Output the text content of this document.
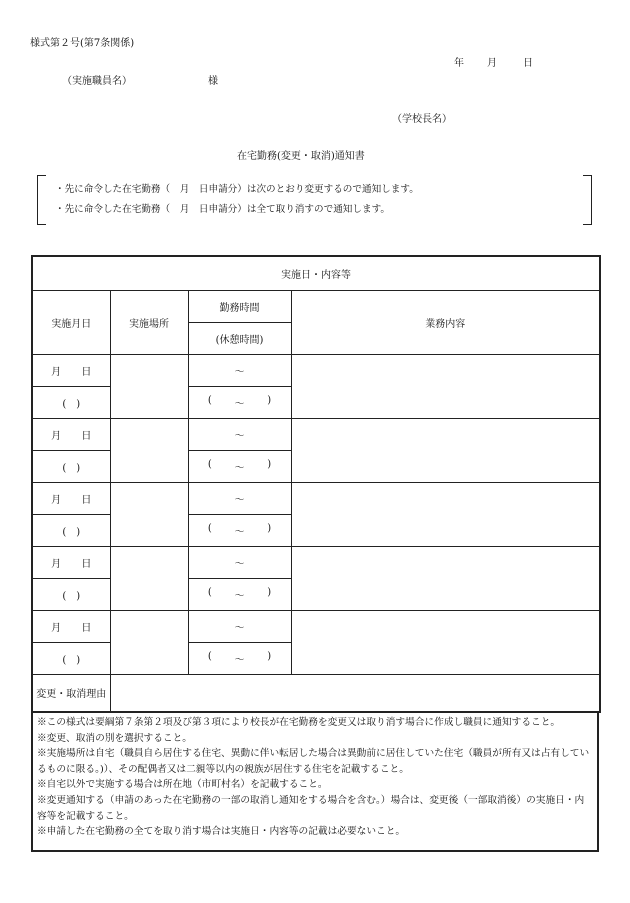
様式第２号(第7条関係)
年 月	日
（実施職員名）	様
（学校長名）
在宅勤務(変更・取消)通知書
・先に命令した在宅勤務（　月　日申請分）は次のとおり変更するので通知します。
・先に命令した在宅勤務（　月　日申請分）は全て取り消すので通知します。
実施日・内容等			
実施月日	実施場所	勤務時間	業務内容
		(休憩時間)	

月 日		～	
(　)		( ～ )	

月 日		～	
(　)		( ～ )	

月 日		～	
(　)		( ～ )	

月 日		～	
(　)		( ～ )	

月 日		～	
(　)		( ～ )	

変更・取消理由			

※この様式は要綱第７条第２項及び第３項により校長が在宅勤務を変更又は取り消す場合に作成し職員に通知すること。

※変更、取消の別を選択すること。

※実施場所は自宅（職員自ら居住する住宅、異動に伴い転居した場合は異動前に居住していた住宅（職員が所有又は占有しているものに限る。)）、その配偶者又は二親等以内の親族が居住する住宅を記載すること。

※自宅以外で実施する場合は所在地（市町村名）を記載すること。

※変更通知する（申請のあった在宅勤務の一部の取消し通知をする場合を含む。）場合は、変更後（一部取消後）の実施日・内容等を記載すること。

※申請した在宅勤務の全てを取り消す場合は実施日・内容等の記載は必要ないこと。
